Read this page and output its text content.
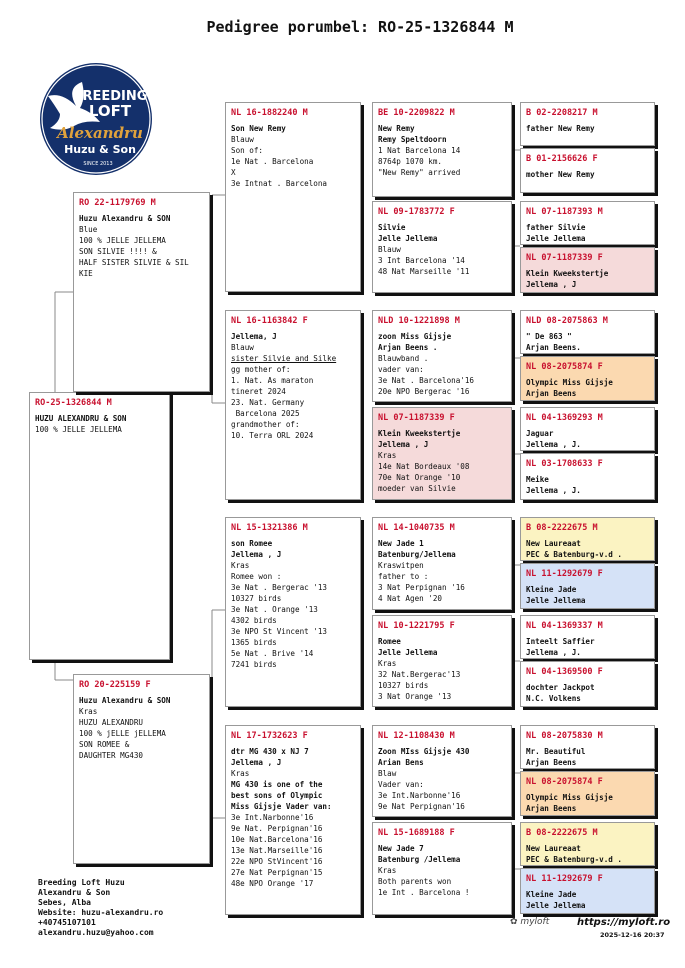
Pedigree porumbel: RO-25-1326844 M
BREEDING
LOFT
Alexandru
Huzu & Son
SINCE 2013
RO-25-1326844 M
HUZU ALEXANDRU & SON
100 % JELLE JELLEMA
RO 22-1179769 M
Huzu Alexandru & SON
Blue
100 % JELLE JELLEMA
SON SILVIE !!!! &
HALF SISTER SILVIE & SIL
KIE
RO 20-225159 F
Huzu Alexandru & SON
Kras
HUZU ALEXANDRU
100 % jELLE jELLEMA
SON ROMEE &
DAUGHTER MG430
NL 16-1882240 M
Son New Remy
Blauw
Son of:
1e Nat . Barcelona
X
3e Intnat . Barcelona
NL 16-1163842 F
Jellema, J
Blauw
sister Silvie and Silke
gg mother of:
1. Nat. As maraton
tineret 2024
23. Nat. Germany
Barcelona 2025
grandmother of:
10. Terra ORL 2024
NL 15-1321386 M
son Romee
Jellema , J
Kras
Romee won :
3e Nat . Bergerac '13
10327 birds
3e Nat . Orange '13
4302 birds
3e NPO St Vincent '13
1365 birds
5e Nat . Brive '14
7241 birds
NL 17-1732623 F
dtr MG 430 x NJ 7
Jellema , J
Kras
MG 430 is one of the
best sons of Olympic
Miss Gijsje Vader van:
3e Int.Narbonne'16
9e Nat. Perpignan'16
10e Nat.Barcelona'16
13e Nat.Marseille'16
22e NPO StVincent'16
27e Nat Perpignan'15
48e NPO Orange '17
BE 10-2209822 M
New Remy
Remy Speltdoorn
1 Nat Barcelona 14
8764p 1070 km.
"New Remy" arrived
NL 09-1783772 F
Silvie
Jelle Jellema
Blauw
3 Int Barcelona '14
48 Nat Marseille '11
NLD 10-1221898 M
zoon Miss Gijsje
Arjan Beens .
Blauwband .
vader van:
3e Nat . Barcelona'16
20e NPO Bergerac '16
NL 07-1187339 F
Klein Kweekstertje
Jellema , J
Kras
14e Nat Bordeaux '08
70e Nat Orange '10
moeder van Silvie
NL 14-1040735 M
New Jade 1
Batenburg/Jellema
Kraswitpen
father to :
3 Nat Perpignan '16
4 Nat Agen '20
NL 10-1221795 F
Romee
Jelle Jellema
Kras
32 Nat.Bergerac'13
10327 birds
3 Nat Orange '13
NL 12-1108430 M
Zoon MIss Gijsje 430
Arian Bens
Blaw
Vader van:
3e Int.Narbonne'16
9e Nat Perpignan'16
NL 15-1689188 F
New Jade 7
Batenburg /Jellema
Kras
Both parents won
1e Int . Barcelona !
B 02-2208217 M
father New Remy
B 01-2156626 F
mother New Remy
NL 07-1187393 M
father Silvie
Jelle Jellema
NL 07-1187339 F
Klein Kweekstertje
Jellema , J
NLD 08-2075863 M
" De 863 "
Arjan Beens.
NL 08-2075874 F
Olympic Miss Gijsje
Arjan Beens
NL 04-1369293 M
Jaguar
Jellema , J.
NL 03-1708633 F
Meike
Jellema , J.
B 08-2222675 M
New Laureaat
PEC & Batenburg-v.d .
NL 11-1292679 F
Kleine Jade
Jelle Jellema
NL 04-1369337 M
Inteelt Saffier
Jellema , J.
NL 04-1369500 F
dochter Jackpot
N.C. Volkens
NL 08-2075830 M
Mr. Beautiful
Arjan Beens
NL 08-2075874 F
Olympic Miss Gijsje
Arjan Beens
B 08-2222675 M
New Laureaat
PEC & Batenburg-v.d .
NL 11-1292679 F
Kleine Jade
Jelle Jellema
Breeding Loft Huzu
Alexandru & Son
Sebes, Alba
Website: huzu-alexandru.ro
+40745107101
alexandru.huzu@yahoo.com
✿ myloft	https://myloft.ro
2025-12-16 20:37
